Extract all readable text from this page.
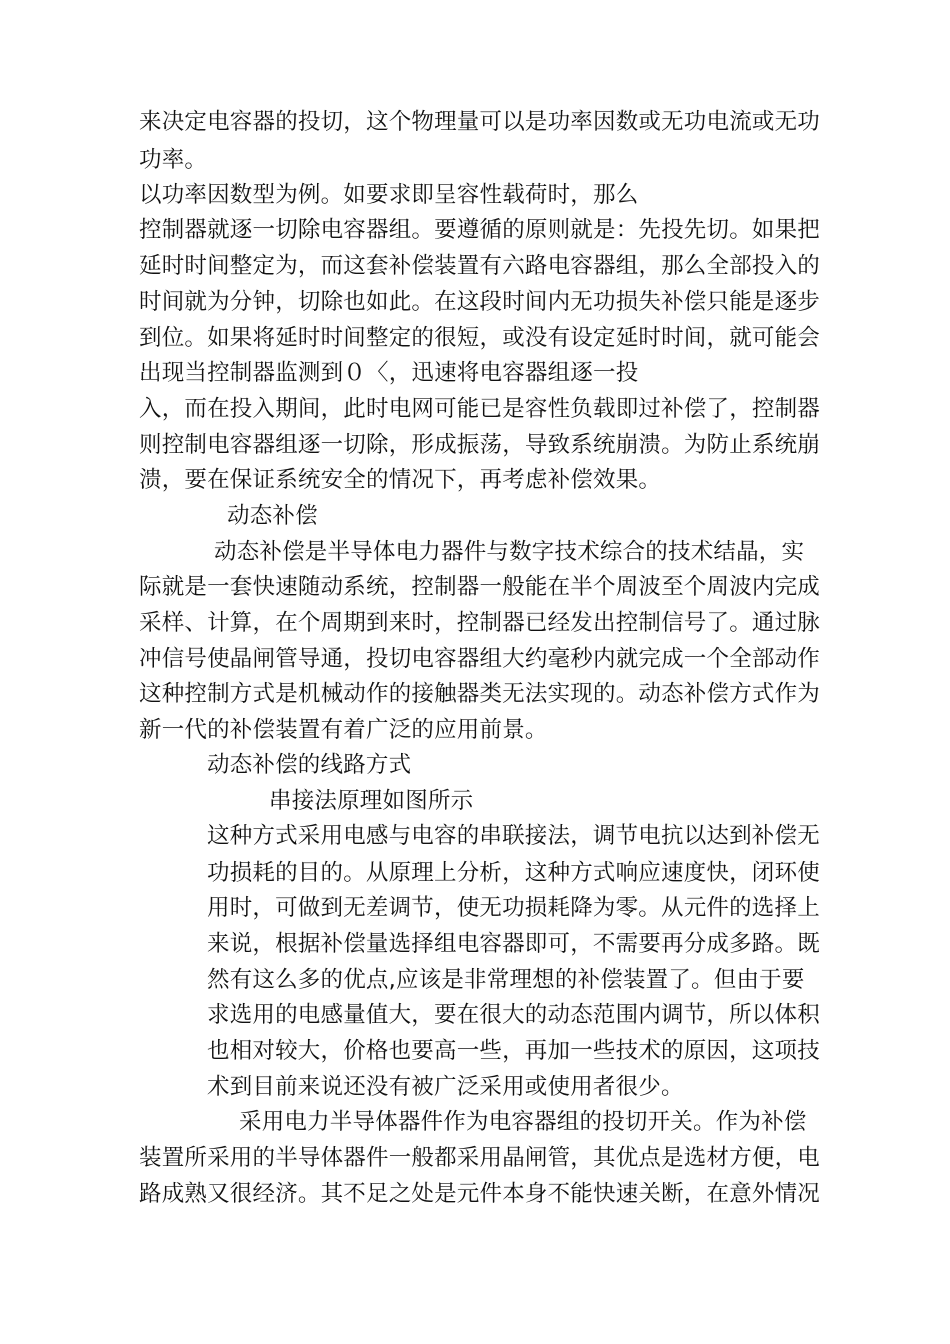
来决定电容器的投切，这个物理量可以是功率因数或无功电流或无功
功率。
以功率因数型为例。如要求即呈容性载荷时，那么
控制器就逐一切除电容器组。要遵循的原则就是：先投先切。如果把
延时时间整定为，而这套补偿装置有六路电容器组，那么全部投入的
时间就为分钟，切除也如此。在这段时间内无功损失补偿只能是逐步
到位。如果将延时时间整定的很短，或没有设定延时时间，就可能会
出现当控制器监测到０〈，迅速将电容器组逐一投
入，而在投入期间，此时电网可能已是容性负载即过补偿了，控制器
则控制电容器组逐一切除，形成振荡，导致系统崩溃。为防止系统崩
溃，要在保证系统安全的情况下，再考虑补偿效果。
动态补偿
动态补偿是半导体电力器件与数字技术综合的技术结晶，实
际就是一套快速随动系统，控制器一般能在半个周波至个周波内完成
采样、计算，在个周期到来时，控制器已经发出控制信号了。通过脉
冲信号使晶闸管导通，投切电容器组大约毫秒内就完成一个全部动作
这种控制方式是机械动作的接触器类无法实现的。动态补偿方式作为
新一代的补偿装置有着广泛的应用前景。
动态补偿的线路方式
串接法原理如图所示
这种方式采用电感与电容的串联接法，调节电抗以达到补偿无
功损耗的目的。从原理上分析，这种方式响应速度快，闭环使
用时，可做到无差调节，使无功损耗降为零。从元件的选择上
来说，根据补偿量选择组电容器即可，不需要再分成多路。既
然有这么多的优点,应该是非常理想的补偿装置了。但由于要
求选用的电感量值大，要在很大的动态范围内调节，所以体积
也相对较大，价格也要高一些，再加一些技术的原因，这项技
术到目前来说还没有被广泛采用或使用者很少。
采用电力半导体器件作为电容器组的投切开关。作为补偿
装置所采用的半导体器件一般都采用晶闸管，其优点是选材方便，电
路成熟又很经济。其不足之处是元件本身不能快速关断，在意外情况
